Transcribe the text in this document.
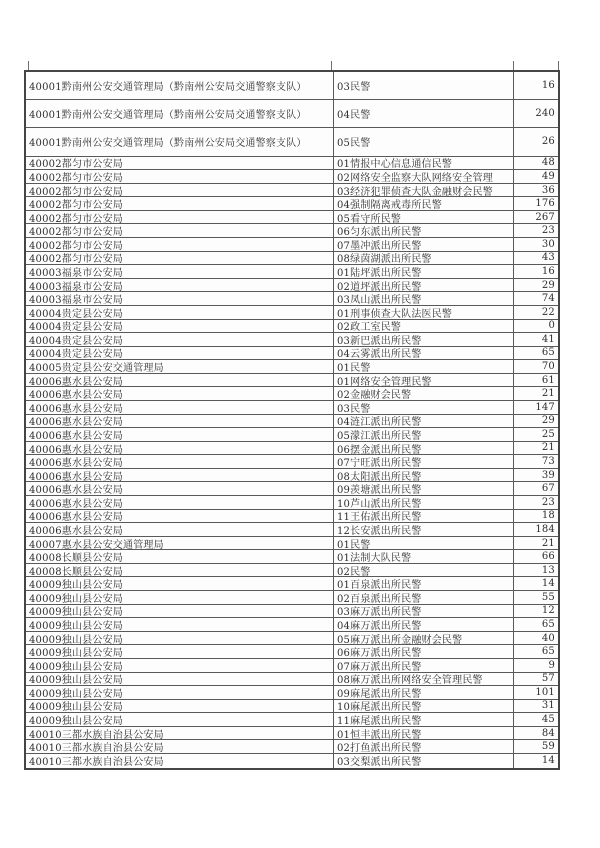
40001黔南州公安交通管理局（黔南州公安局交通警察支队）	03民警	16
40001黔南州公安交通管理局（黔南州公安局交通警察支队）	04民警	240
40001黔南州公安交通管理局（黔南州公安局交通警察支队）	05民警	26
40002都匀市公安局	01情报中心信息通信民警	48
40002都匀市公安局	02网络安全监察大队网络安全管理	49
40002都匀市公安局	03经济犯罪侦查大队金融财会民警	36
40002都匀市公安局	04强制隔离戒毒所民警	176
40002都匀市公安局	05看守所民警	267
40002都匀市公安局	06匀东派出所民警	23
40002都匀市公安局	07墨冲派出所民警	30
40002都匀市公安局	08绿茵湖派出所民警	43
40003福泉市公安局	01陆坪派出所民警	16
40003福泉市公安局	02道坪派出所民警	29
40003福泉市公安局	03凤山派出所民警	74
40004贵定县公安局	01刑事侦查大队法医民警	22
40004贵定县公安局	02政工室民警	0
40004贵定县公安局	03新巴派出所民警	41
40004贵定县公安局	04云雾派出所民警	65
40005贵定县公安交通管理局	01民警	70
40006惠水县公安局	01网络安全管理民警	61
40006惠水县公安局	02金融财会民警	21
40006惠水县公安局	03民警	147
40006惠水县公安局	04涟江派出所民警	29
40006惠水县公安局	05濛江派出所民警	25
40006惠水县公安局	06摆金派出所民警	21
40006惠水县公安局	07宁旺派出所民警	73
40006惠水县公安局	08太阳派出所民警	39
40006惠水县公安局	09羡塘派出所民警	67
40006惠水县公安局	10芦山派出所民警	23
40006惠水县公安局	11王佑派出所民警	18
40006惠水县公安局	12长安派出所民警	184
40007惠水县公安交通管理局	01民警	21
40008长顺县公安局	01法制大队民警	66
40008长顺县公安局	02民警	13
40009独山县公安局	01百泉派出所民警	14
40009独山县公安局	02百泉派出所民警	55
40009独山县公安局	03麻万派出所民警	12
40009独山县公安局	04麻万派出所民警	65
40009独山县公安局	05麻万派出所金融财会民警	40
40009独山县公安局	06麻万派出所民警	65
40009独山县公安局	07麻万派出所民警	9
40009独山县公安局	08麻万派出所网络安全管理民警	57
40009独山县公安局	09麻尾派出所民警	101
40009独山县公安局	10麻尾派出所民警	31
40009独山县公安局	11麻尾派出所民警	45
40010三都水族自治县公安局	01恒丰派出所民警	84
40010三都水族自治县公安局	02打鱼派出所民警	59
40010三都水族自治县公安局	03交梨派出所民警	14
